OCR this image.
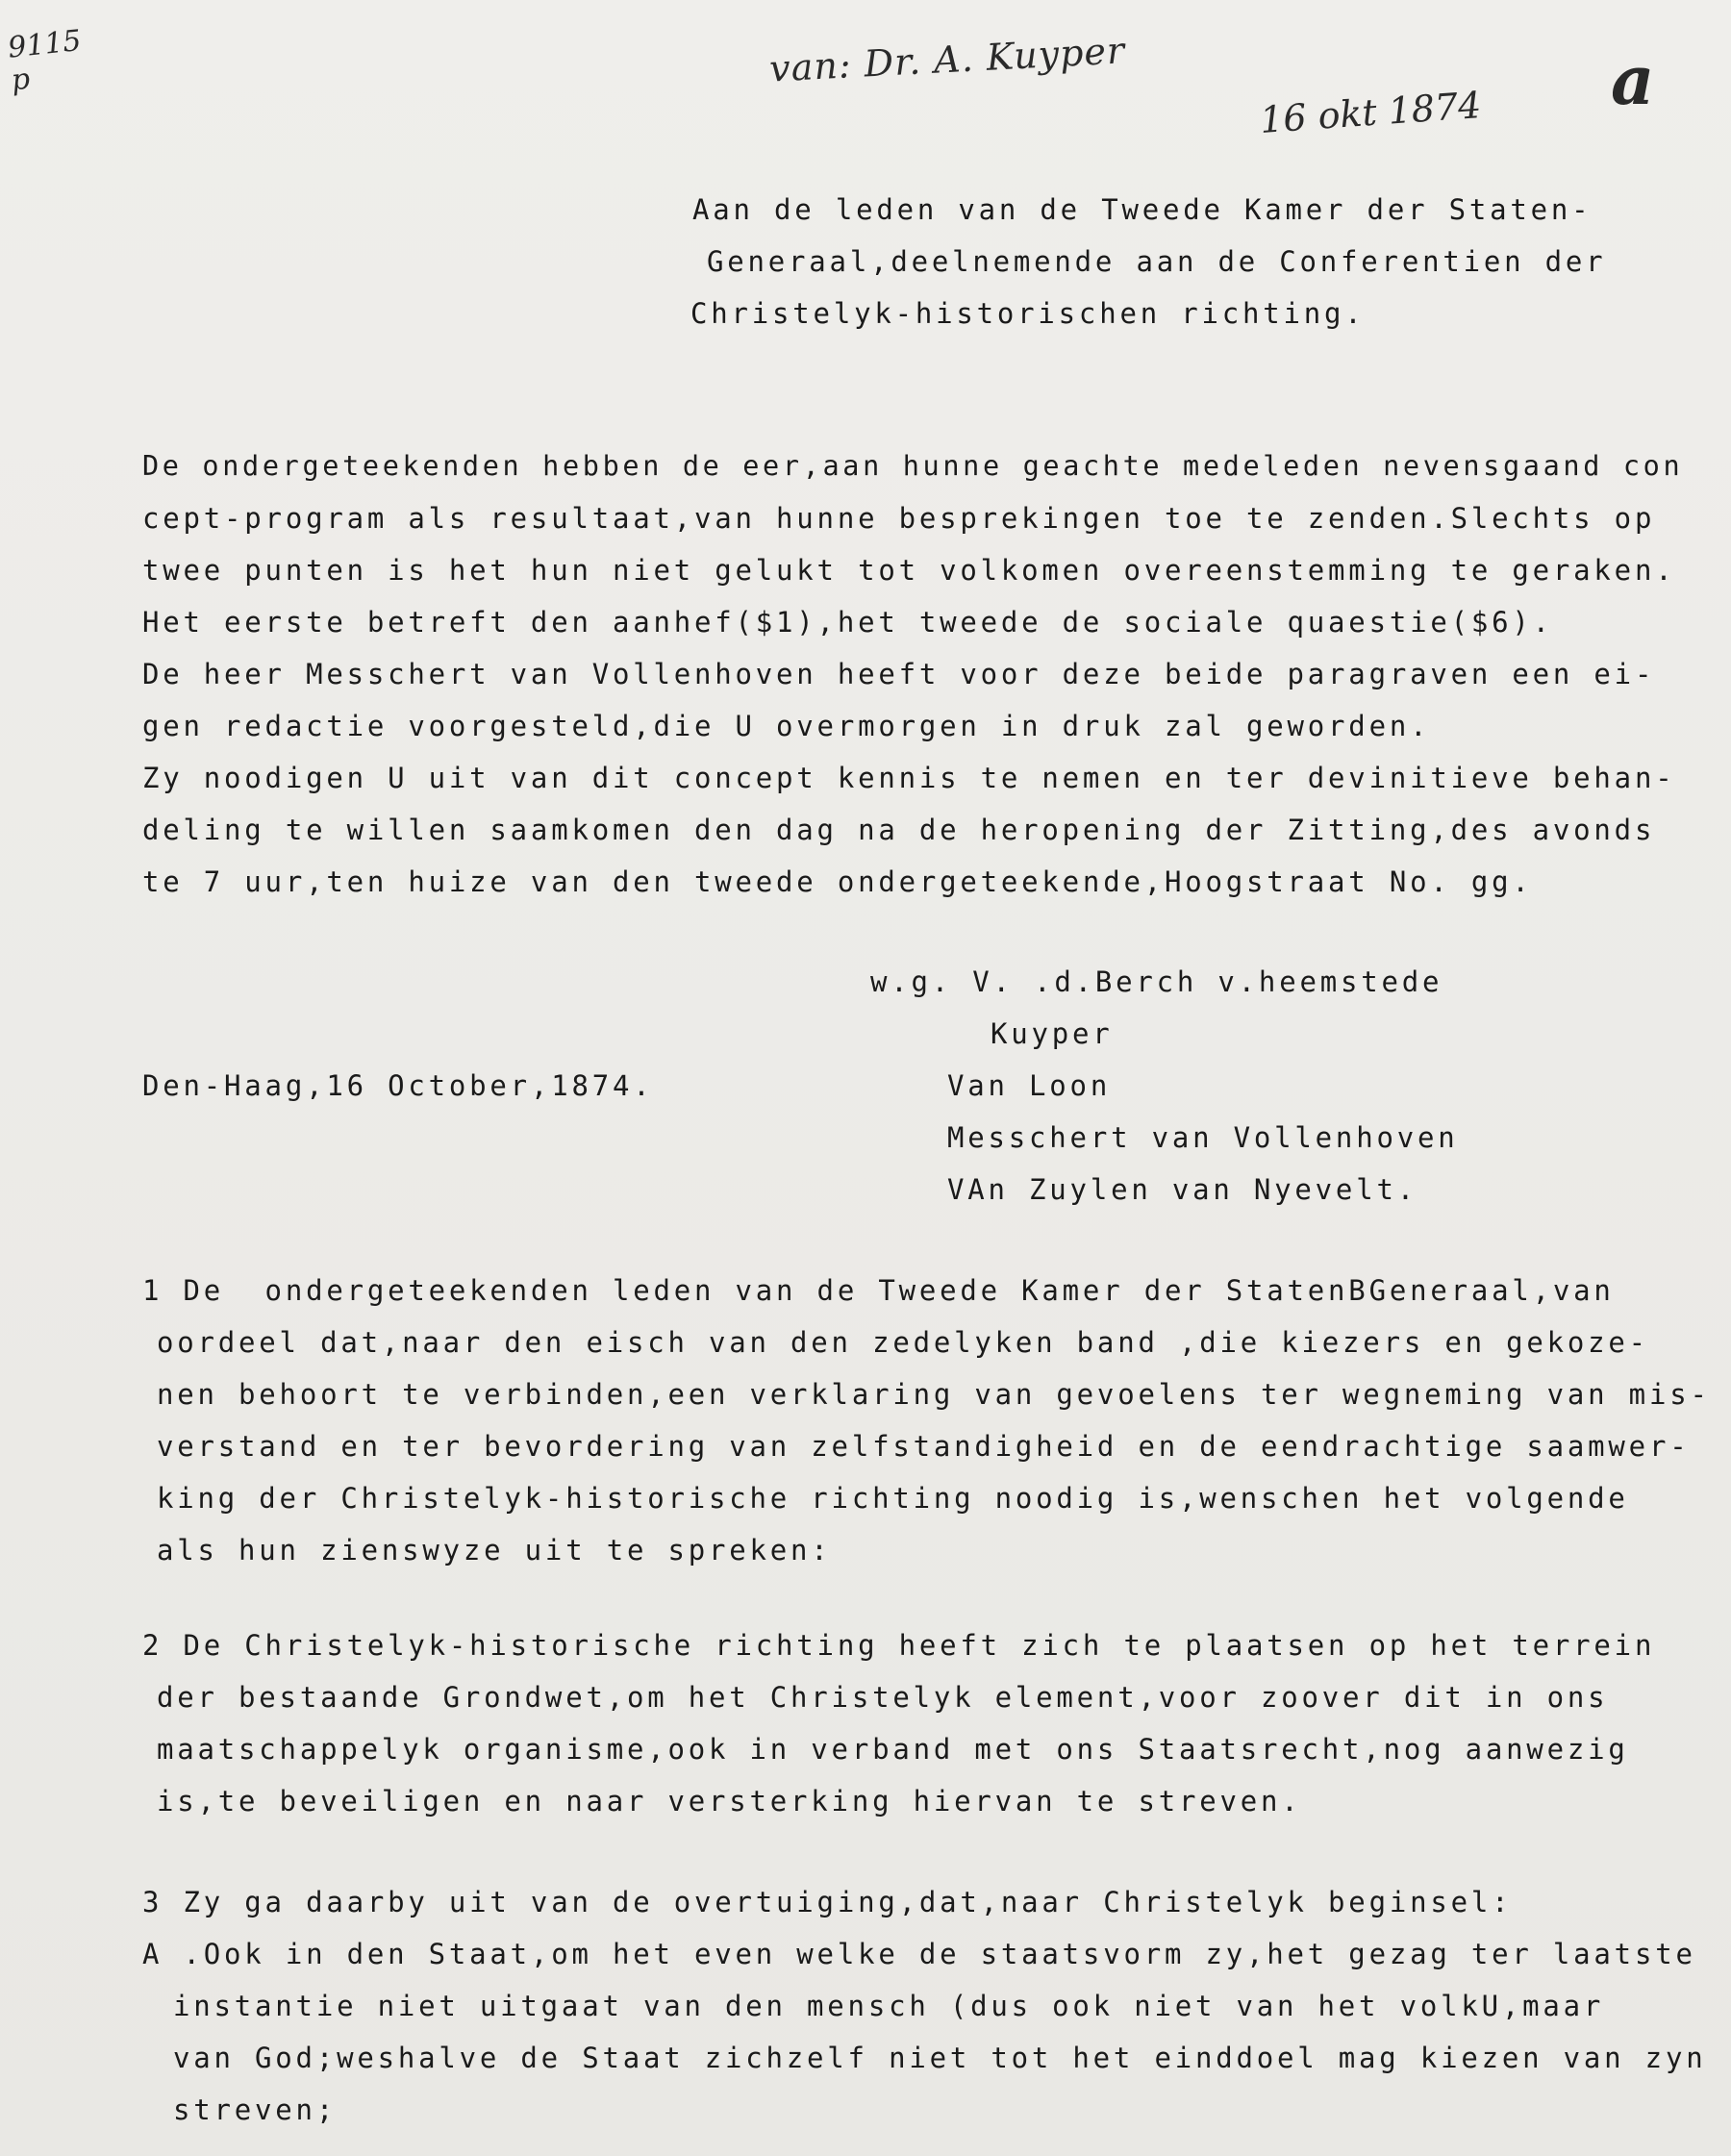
9115 p	van: Dr. A. Kuyper
16 okt 1874 a
Aan de leden van de Tweede Kamer der Staten-
Generaal,deelnemende aan de Conferentien der
Christelyk-historischen richting.
De ondergeteekenden hebben de eer,aan hunne geachte medeleden nevensgaand con
cept-program als resultaat,van hunne besprekingen toe te zenden.Slechts op
twee punten is het hun niet gelukt tot volkomen overeenstemming te geraken.
Het eerste betreft den aanhef($1),het tweede de sociale quaestie($6).
De heer Messchert van Vollenhoven heeft voor deze beide paragraven een ei-
gen redactie voorgesteld,die U overmorgen in druk zal geworden.
Zy noodigen U uit van dit concept kennis te nemen en ter devinitieve behan-
deling te willen saamkomen den dag na de heropening der Zitting,des avonds
te 7 uur,ten huize van den tweede ondergeteekende,Hoogstraat No. gg.
w.g. V. .d.Berch v.heemstede
Kuyper
Den-Haag,16 October,1874.	Van Loon
Messchert van Vollenhoven
VAn Zuylen van Nyevelt.
1 De  ondergeteekenden leden van de Tweede Kamer der StatenBGeneraal,van
oordeel dat,naar den eisch van den zedelyken band ,die kiezers en gekoze-
nen behoort te verbinden,een verklaring van gevoelens ter wegneming van mis-
verstand en ter bevordering van zelfstandigheid en de eendrachtige saamwer-
king der Christelyk-historische richting noodig is,wenschen het volgende
als hun zienswyze uit te spreken:
2 De Christelyk-historische richting heeft zich te plaatsen op het terrein
der bestaande Grondwet,om het Christelyk element,voor zoover dit in ons
maatschappelyk organisme,ook in verband met ons Staatsrecht,nog aanwezig
is,te beveiligen en naar versterking hiervan te streven.
3 Zy ga daarby uit van de overtuiging,dat,naar Christelyk beginsel:
A .Ook in den Staat,om het even welke de staatsvorm zy,het gezag ter laatste
instantie niet uitgaat van den mensch (dus ook niet van het volkU,maar
van God;weshalve de Staat zichzelf niet tot het einddoel mag kiezen van zyn
streven;
